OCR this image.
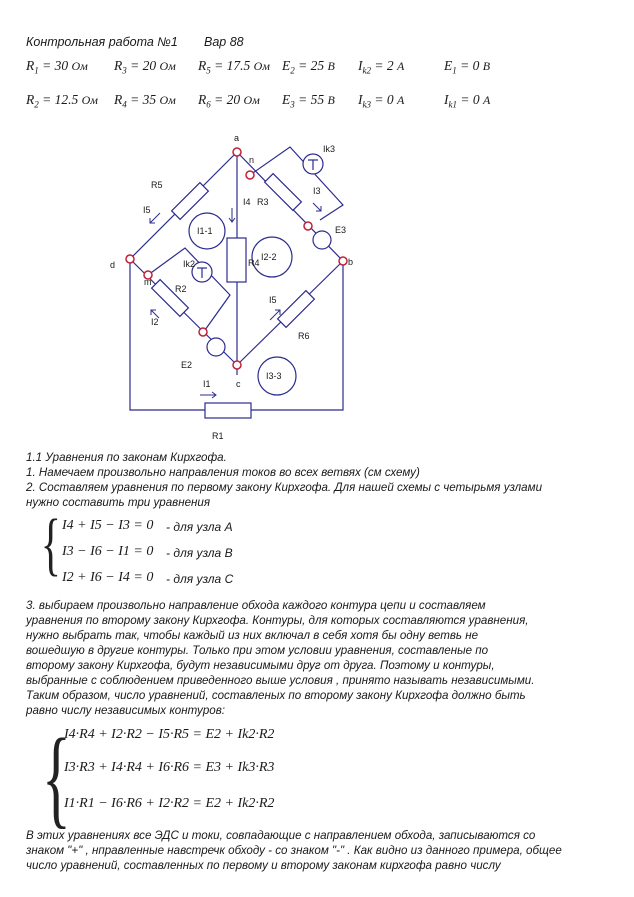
Контрольная работа №1 Вар 88
$R_1 = 30$ Ом $R_3 = 20$ Ом $R_5 = 17.5$ Ом $E_2 = 25$ В $I_{k2} = 2$ А	$E_1 = 0$ В
$R_2 = 12.5$ Ом $R_4 = 35$ Ом $R_6 = 20$ Ом $E_3 = 55$ В $I_{k3} = 0$ А	$I_{k1} = 0$ А
a
b
c
d
n
m
R5
R3
R4
R2
R6
R1
I5
I4
I3
Ik3
Ik2
I2
I1
I5
E2
E3
I1-1
I2-2
I3-3
1.1 Уравнения по законам Кирхгофа.
1. Намечаем произвольно направления токов во всех ветвях (см схему)
2. Составляем уравнения по первому закону Кирхгофа. Для нашей схемы с четырьмя узлами
нужно составить три уравнения
{ I4 + I5 − I3 = 0 - для узла А
I3 − I6 − I1 = 0 - для узла В
I2 + I6 − I4 = 0 - для узла С
3. выбираем произвольно направление обхода каждого контура цепи и составляем
уравнения по второму закону Кирхгофа. Контуры, для которых составляются уравнения,
нужно выбрать так, чтобы каждый из них включал в себя хотя бы одну ветвь не
вошедшую в другие контуры. Только при этом условии уравнения, составленые по
второму закону Кирхгофа, будут независимыми друг от друга. Поэтому и контуры,
выбранные с соблюдением приведенного выше условия , принято называть независимыми.
Таким образом, число уравнений, составленых по второму закону Кирхгофа должно быть
равно числу независимых контуров:
{
I4·R4 + I2·R2 − I5·R5 = E2 + Ik2·R2
I3·R3 + I4·R4 + I6·R6 = E3 + Ik3·R3
I1·R1 − I6·R6 + I2·R2 = E2 + Ik2·R2
В этих уравнениях все ЭДС и токи, совпадающие с направлением обхода, записываются со
знаком "+" , нправленные навстречк обходу - со знаком "-" . Как видно из данного примера, общее
число уравнений, составленных по первому и второму законам кирхгофа равно числу
